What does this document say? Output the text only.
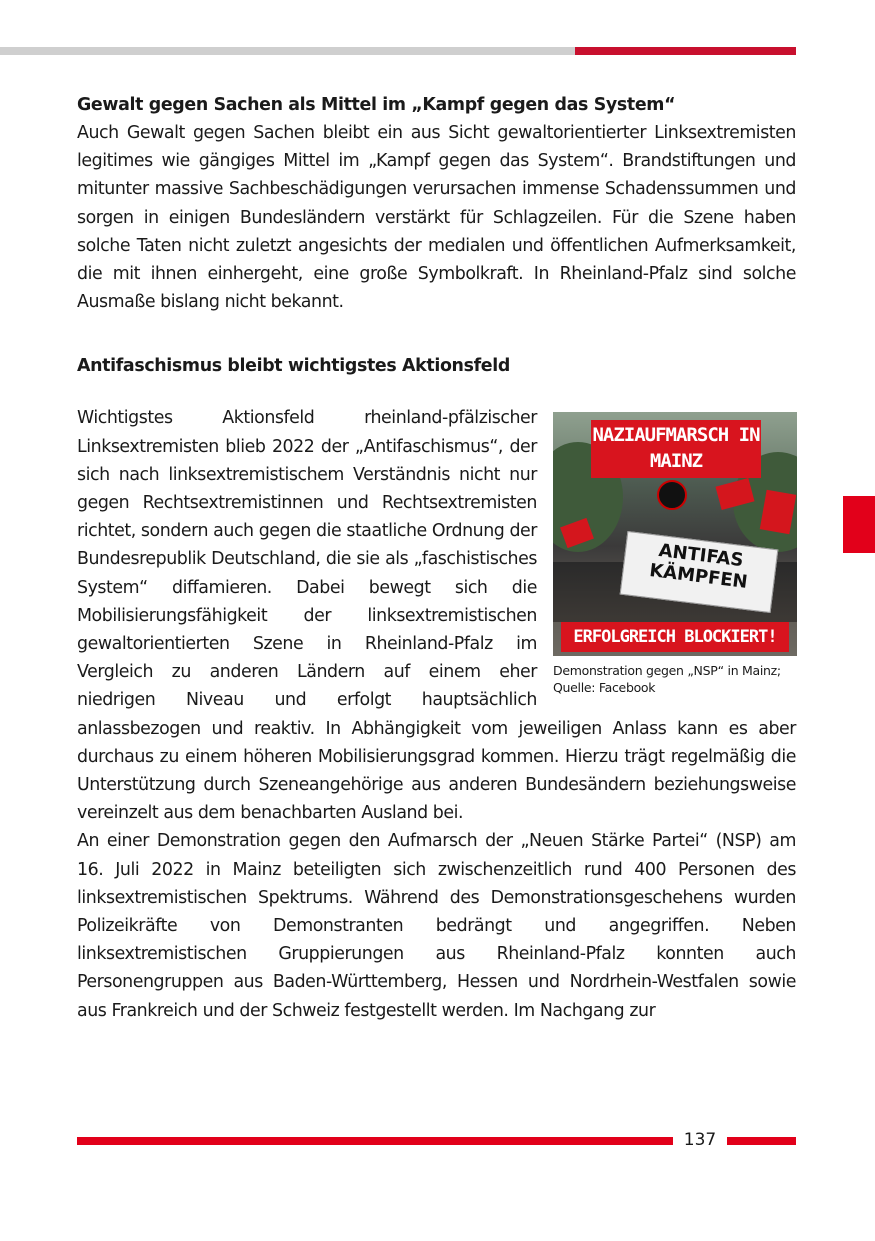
Gewalt gegen Sachen als Mittel im „Kampf gegen das System“

Auch Gewalt gegen Sachen bleibt ein aus Sicht gewaltorientierter Linksextremisten legitimes wie gängiges Mittel im „Kampf gegen das System“. Brandstiftungen und mitunter massive Sachbeschädigungen verursachen immense Schadenssummen und sorgen in einigen Bundesländern verstärkt für Schlagzeilen. Für die Szene haben solche Taten nicht zuletzt angesichts der medialen und öffentlichen Aufmerksamkeit, die mit ihnen einhergeht, eine große Symbolkraft. In Rheinland-Pfalz sind solche Ausmaße bislang nicht bekannt.

Antifaschismus bleibt wichtigstes Aktionsfeld
ANTIFAS KÄMPFEN
NAZIAUFMARSCH IN MAINZ
ERFOLGREICH BLOCKIERT!
Demonstration gegen „NSP“ in Mainz; Quelle: Facebook

Wichtigstes Aktionsfeld rheinland-pfälzischer Linksextremisten blieb 2022 der „Antifaschismus“, der sich nach linksextremistischem Verständnis nicht nur gegen Rechtsextremistinnen und Rechtsextremisten richtet, sondern auch gegen die staatliche Ordnung der Bundesrepublik Deutschland, die sie als „faschistisches System“ diffamieren. Dabei bewegt sich die Mobilisierungsfähigkeit der linksextremistischen gewaltorientierten Szene in Rheinland-Pfalz im Vergleich zu anderen Ländern auf einem eher niedrigen Niveau und erfolgt hauptsächlich anlassbezogen und reaktiv. In Abhängigkeit vom jeweiligen Anlass kann es aber durchaus zu einem höheren Mobilisierungsgrad kommen. Hierzu trägt regelmäßig die Unterstützung durch Szeneangehörige aus anderen Bundesändern beziehungsweise vereinzelt aus dem benachbarten Ausland bei.

An einer Demonstration gegen den Aufmarsch der „Neuen Stärke Partei“ (NSP) am 16. Juli 2022 in Mainz beteiligten sich zwischenzeitlich rund 400 Personen des linksextremistischen Spektrums. Während des Demonstrationsgeschehens wurden Polizeikräfte von Demonstranten bedrängt und angegriffen. Neben linksextremistischen Gruppierungen aus Rheinland-Pfalz konnten auch Personengruppen aus Baden-Württemberg, Hessen und Nordrhein-Westfalen sowie aus Frankreich und der Schweiz festgestellt werden. Im Nachgang zur

137
